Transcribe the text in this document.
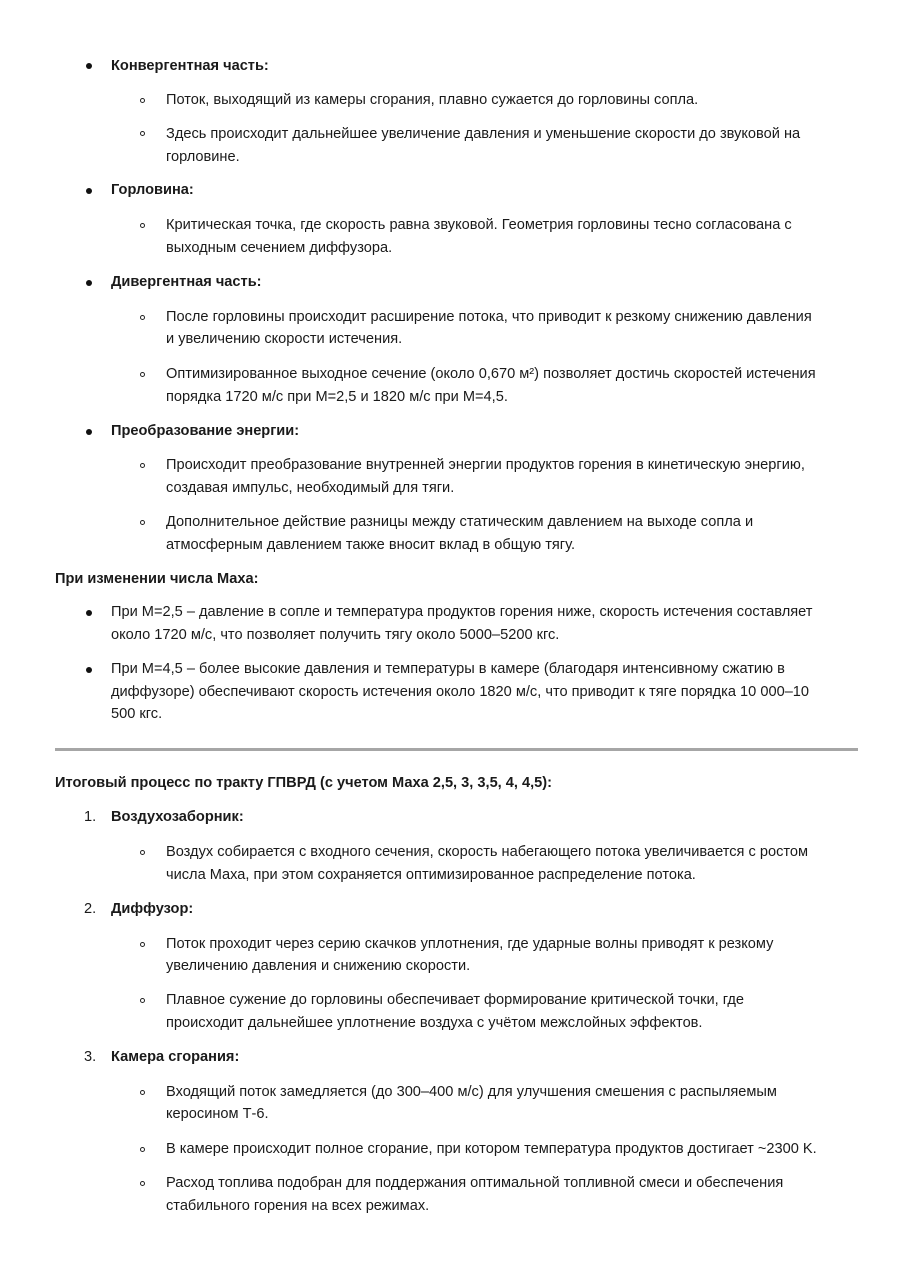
Конвергентная часть:
Поток, выходящий из камеры сгорания, плавно сужается до горловины сопла.
Здесь происходит дальнейшее увеличение давления и уменьшение скорости до звуковой на
горловине.
Горловина:
Критическая точка, где скорость равна звуковой. Геометрия горловины тесно согласована с
выходным сечением диффузора.
Дивергентная часть:
После горловины происходит расширение потока, что приводит к резкому снижению давления
и увеличению скорости истечения.
Оптимизированное выходное сечение (около 0,670 м²) позволяет достичь скоростей истечения
порядка 1720 м/с при M=2,5 и 1820 м/с при M=4,5.
Преобразование энергии:
Происходит преобразование внутренней энергии продуктов горения в кинетическую энергию,
создавая импульс, необходимый для тяги.
Дополнительное действие разницы между статическим давлением на выходе сопла и
атмосферным давлением также вносит вклад в общую тягу.
При изменении числа Маха:
При M=2,5 – давление в сопле и температура продуктов горения ниже, скорость истечения составляет
около 1720 м/с, что позволяет получить тягу около 5000–5200 кгс.
При M=4,5 – более высокие давления и температуры в камере (благодаря интенсивному сжатию в
диффузоре) обеспечивают скорость истечения около 1820 м/с, что приводит к тяге порядка 10 000–10
500 кгс.
Итоговый процесс по тракту ГПВРД (с учетом Маха 2,5, 3, 3,5, 4, 4,5):
1. Воздухозаборник:
Воздух собирается с входного сечения, скорость набегающего потока увеличивается с ростом
числа Маха, при этом сохраняется оптимизированное распределение потока.
2. Диффузор:
Поток проходит через серию скачков уплотнения, где ударные волны приводят к резкому
увеличению давления и снижению скорости.
Плавное сужение до горловины обеспечивает формирование критической точки, где
происходит дальнейшее уплотнение воздуха с учётом межслойных эффектов.
3. Камера сгорания:
Входящий поток замедляется (до 300–400 м/с) для улучшения смешения с распыляемым
керосином Т-6.
В камере происходит полное сгорание, при котором температура продуктов достигает ~2300 K.
Расход топлива подобран для поддержания оптимальной топливной смеси и обеспечения
стабильного горения на всех режимах.
